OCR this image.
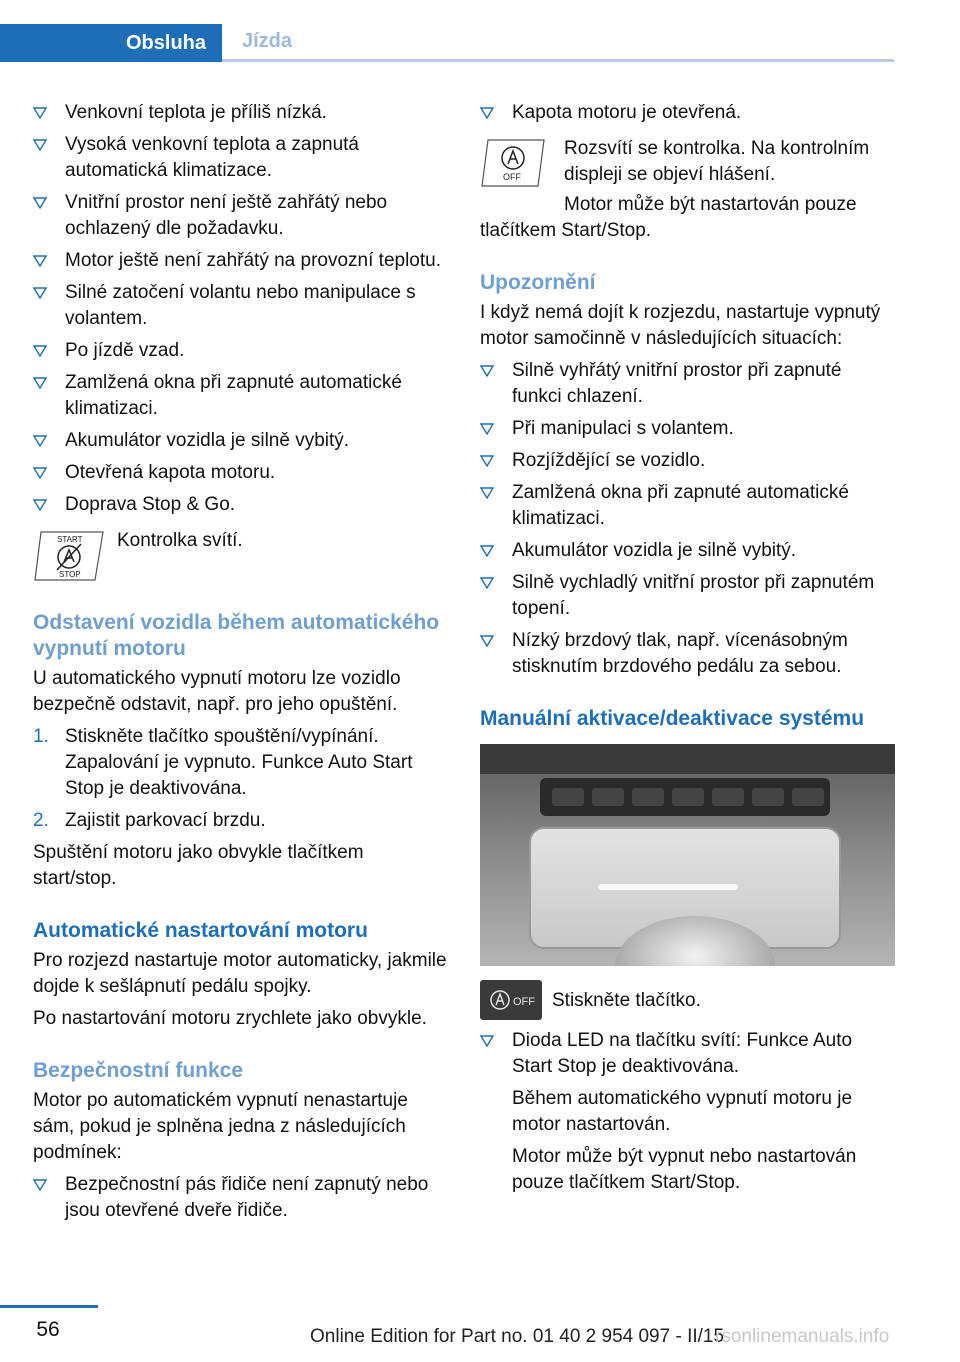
Obsluha	Jízda
Venkovní teplota je příliš nízká.
Vysoká venkovní teplota a zapnutá automatická klimatizace.
Vnitřní prostor není ještě zahřátý nebo ochlazený dle požadavku.
Motor ještě není zahřátý na provozní teplotu.
Silné zatočení volantu nebo manipulace s volantem.
Po jízdě vzad.
Zamlžená okna při zapnuté automatické klimatizaci.
Akumulátor vozidla je silně vybitý.
Otevřená kapota motoru.
Doprava Stop & Go.
START
STOP
Kontrolka svítí.
Odstavení vozidla během automatického vypnutí motoru

U automatického vypnutí motoru lze vozidlo bezpečně odstavit, např. pro jeho opuštění.

1. Stiskněte tlačítko spouštění/vypínání. Zapalování je vypnuto. Funkce Auto Start Stop je deaktivována.
2. Zajistit parkovací brzdu.

Spuštění motoru jako obvykle tlačítkem start/stop.

Automatické nastartování motoru

Pro rozjezd nastartuje motor automaticky, jakmile dojde k sešlápnutí pedálu spojky.

Po nastartování motoru zrychlete jako obvykle.

Bezpečnostní funkce

Motor po automatickém vypnutí nenastartuje sám, pokud je splněna jedna z následujících podmínek:

Bezpečnostní pás řidiče není zapnutý nebo jsou otevřené dveře řidiče.
Kapota motoru je otevřená.
OFF
Rozsvítí se kontrolka. Na kontrolním displeji se objeví hlášení.

Motor může být nastartován pouze tlačítkem Start/Stop.

Upozornění

I když nemá dojít k rozjezdu, nastartuje vypnutý motor samočinně v následujících situacích:

Silně vyhřátý vnitřní prostor při zapnuté funkci chlazení.
Při manipulaci s volantem.
Rozjíždějící se vozidlo.
Zamlžená okna při zapnuté automatické klimatizaci.
Akumulátor vozidla je silně vybitý.
Silně vychladlý vnitřní prostor při zapnutém topení.
Nízký brzdový tlak, např. vícenásobným stisknutím brzdového pedálu za sebou.
Manuální aktivace/deaktivace systému
OFF Stiskněte tlačítko.
Dioda LED na tlačítku svítí: Funkce Auto Start Stop je deaktivována.

Během automatického vypnutí motoru je motor nastartován.

Motor může být vypnut nebo nastartován pouze tlačítkem Start/Stop.

56	Online Edition for Part no. 01 40 2 954 097 - II/15
rsonlinemanuals.info
